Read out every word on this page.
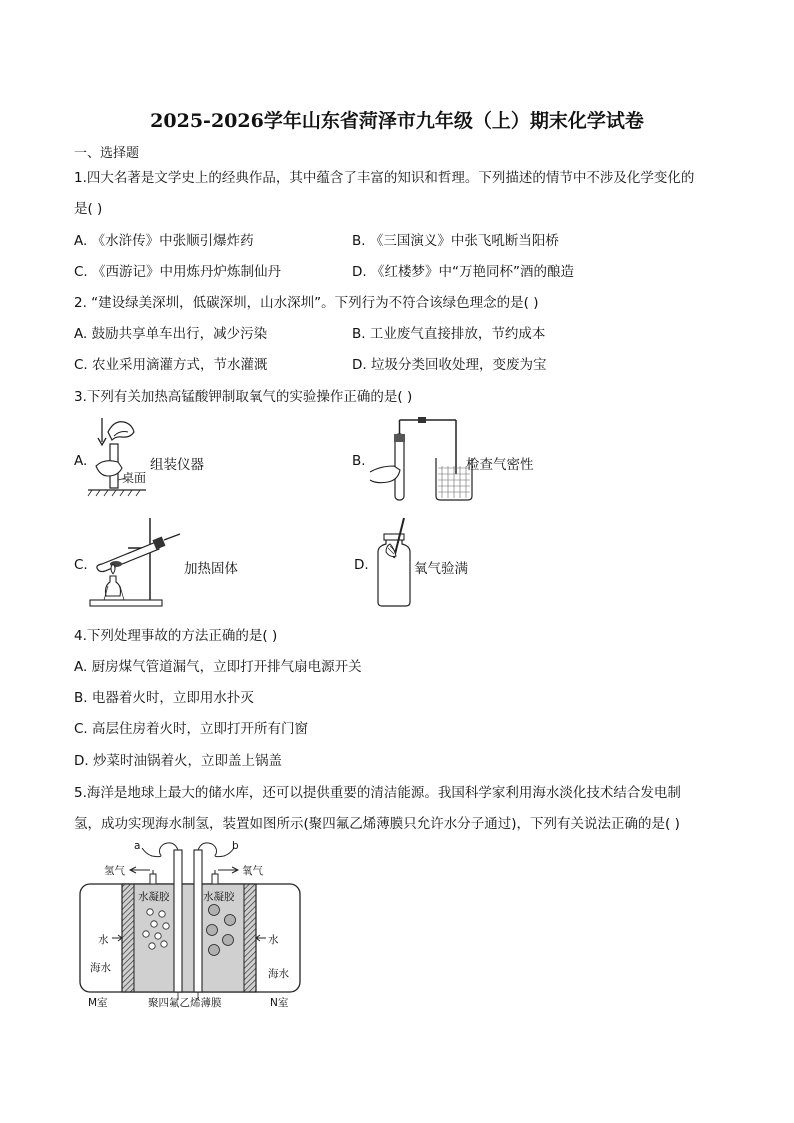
2025-2026学年山东省菏泽市九年级（上）期末化学试卷
一、选择题
1.四大名著是文学史上的经典作品，其中蕴含了丰富的知识和哲理。下列描述的情节中不涉及化学变化的
是( )
A. 《水浒传》中张顺引爆炸药	B. 《三国演义》中张飞吼断当阳桥
C. 《西游记》中用炼丹炉炼制仙丹	D. 《红楼梦》中“万艳同杯”酒的酿造
2. “建设绿美深圳，低碳深圳，山水深圳”。下列行为不符合该绿色理念的是( )
A. 鼓励共享单车出行，减少污染	B. 工业废气直接排放，节约成本
C. 农业采用滴灌方式，节水灌溉	D. 垃圾分类回收处理，变废为宝
3.下列有关加热高锰酸钾制取氧气的实验操作正确的是( )
A.
桌面
组装仪器	B.	检查气密性
C.	加热固体	D.	氧气验满
4.下列处理事故的方法正确的是( )
A. 厨房煤气管道漏气，立即打开排气扇电源开关
B. 电器着火时，立即用水扑灭
C. 高层住房着火时，立即打开所有门窗
D. 炒菜时油锅着火，立即盖上锅盖
5.海洋是地球上最大的储水库，还可以提供重要的清洁能源。我国科学家利用海水淡化技术结合发电制
氢，成功实现海水制氢，装置如图所示(聚四氟乙烯薄膜只允许水分子通过)，下列有关说法正确的是( )
a	b
氢气	氧气
水凝胶	水凝胶
水	水
海水	海水
M室	N室
聚四氟乙烯薄膜
